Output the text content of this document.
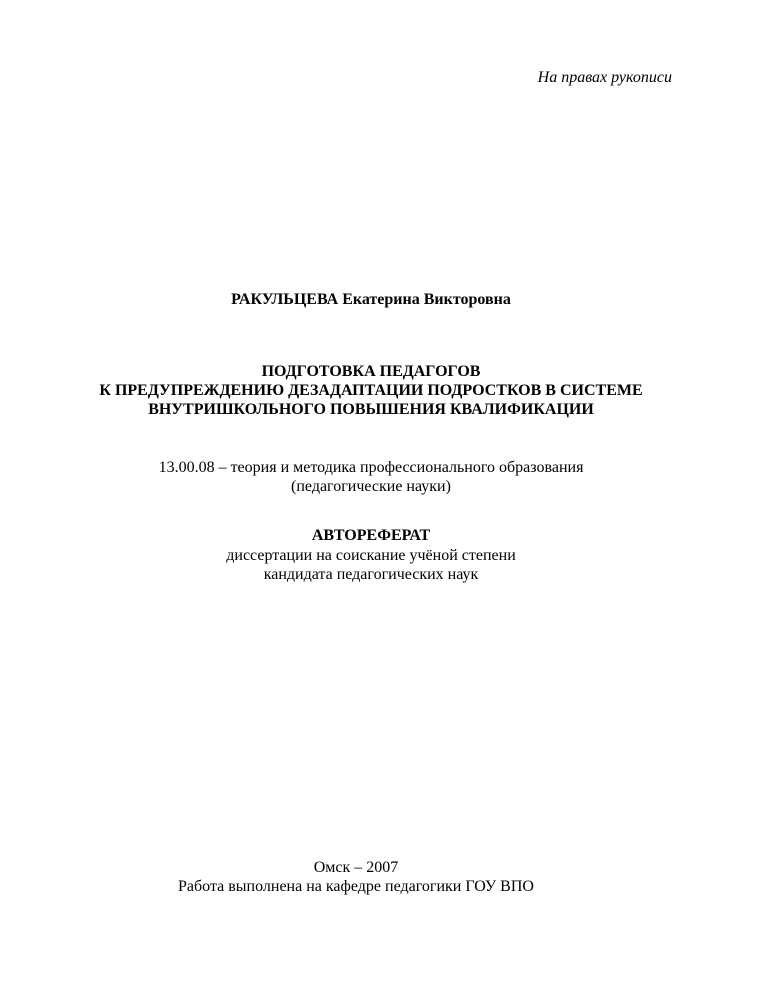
На правах рукописи
РАКУЛЬЦЕВА Екатерина Викторовна
ПОДГОТОВКА ПЕДАГОГОВ
К ПРЕДУПРЕЖДЕНИЮ ДЕЗАДАПТАЦИИ ПОДРОСТКОВ В СИСТЕМЕ
ВНУТРИШКОЛЬНОГО ПОВЫШЕНИЯ КВАЛИФИКАЦИИ
13.00.08 – теория и методика профессионального образования
(педагогические науки)
АВТОРЕФЕРАТ
диссертации на соискание учёной степени
кандидата педагогических наук
Омск – 2007
Работа выполнена на кафедре педагогики ГОУ ВПО
